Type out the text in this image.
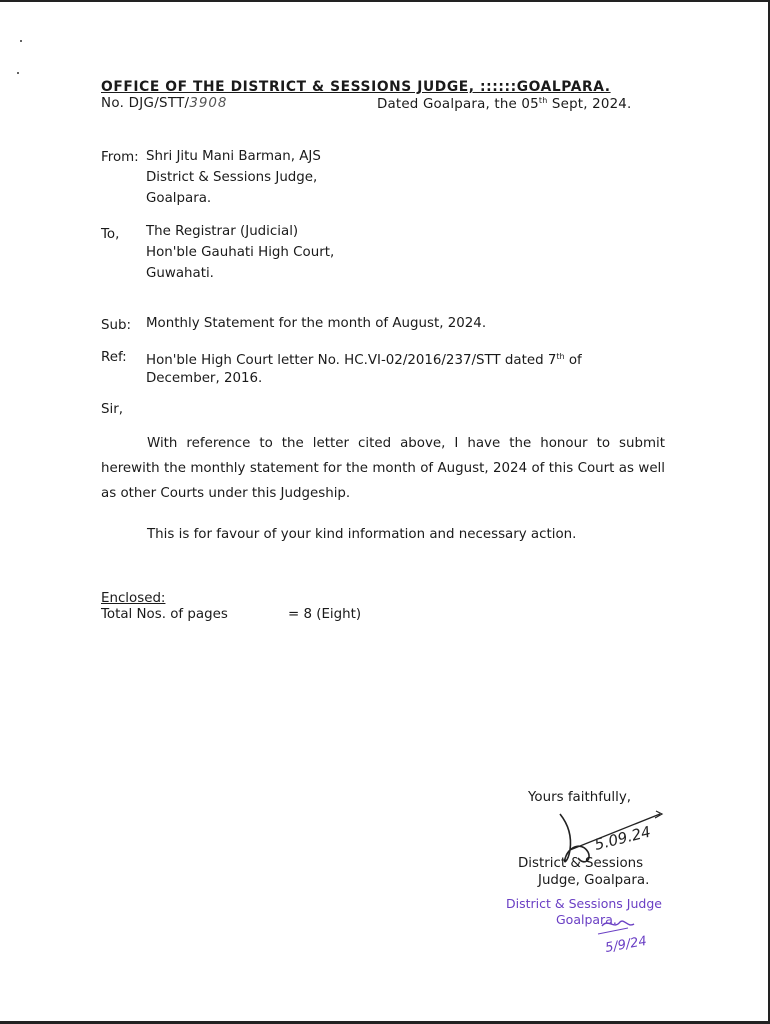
OFFICE OF THE DISTRICT & SESSIONS JUDGE, ::::::GOALPARA.
No. DJG/STT/3908	Dated Goalpara, the 05th Sept, 2024.
From: Shri Jitu Mani Barman, AJS
District & Sessions Judge,
Goalpara.
To, The Registrar (Judicial)
Hon'ble Gauhati High Court,
Guwahati.
Sub: Monthly Statement for the month of August, 2024.
Ref: Hon'ble High Court letter No. HC.VI-02/2016/237/STT dated 7th of
December, 2016.
Sir,
With reference to the letter cited above, I have the honour to submit herewith the monthly statement for the month of August, 2024 of this Court as well as other Courts under this Judgeship.
This is for favour of your kind information and necessary action.
Enclosed:
Total Nos. of pages	= 8 (Eight)
Yours faithfully,
5.09.24
District & Sessions
Judge, Goalpara.
District & Sessions Judge
Goalpara.
5/9/24
